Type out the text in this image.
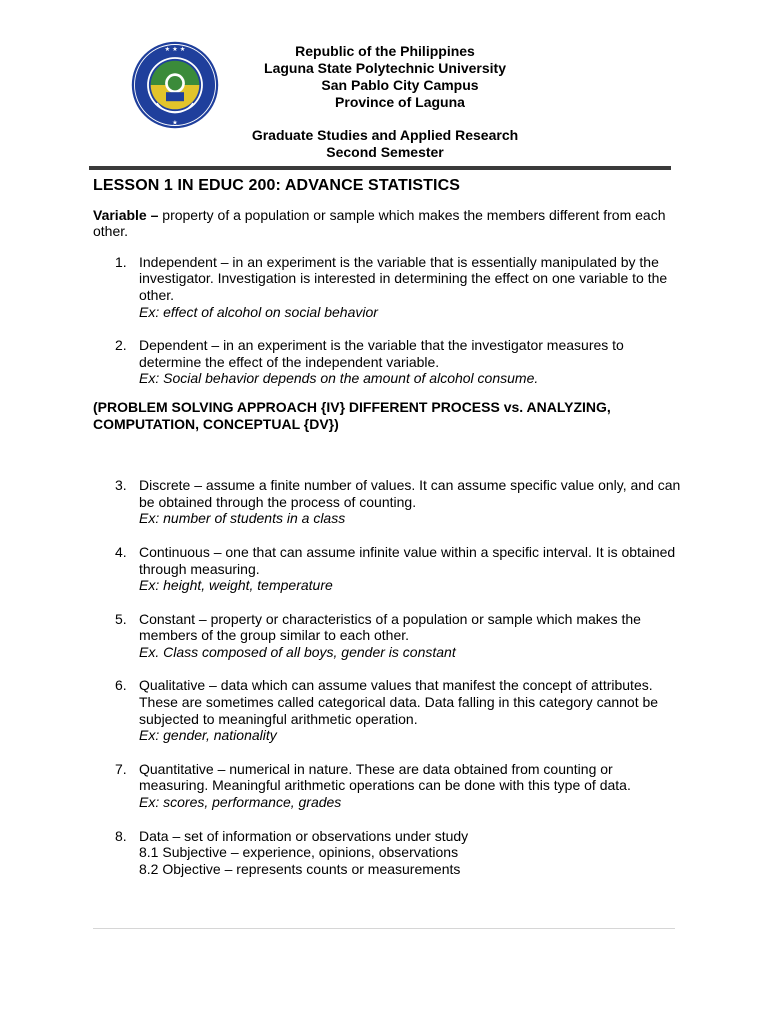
★ ★ ★
★
Republic of the Philippines
Laguna State Polytechnic University
San Pablo City Campus
Province of Laguna
Graduate Studies and Applied Research
Second Semester
LESSON 1 IN EDUC 200: ADVANCE STATISTICS
Variable – property of a population or sample which makes the members different from each other.
1. Independent – in an experiment is the variable that is essentially manipulated by the investigator. Investigation is interested in determining the effect on one variable to the other.
Ex: effect of alcohol on social behavior
2. Dependent – in an experiment is the variable that the investigator measures to determine the effect of the independent variable.
Ex: Social behavior depends on the amount of alcohol consume.
(PROBLEM SOLVING APPROACH {IV} DIFFERENT PROCESS vs. ANALYZING, COMPUTATION, CONCEPTUAL {DV})
3. Discrete – assume a finite number of values. It can assume specific value only, and can be obtained through the process of counting.
Ex: number of students in a class
4. Continuous – one that can assume infinite value within a specific interval. It is obtained through measuring.
Ex: height, weight, temperature
5. Constant – property or characteristics of a population or sample which makes the members of the group similar to each other.
Ex. Class composed of all boys, gender is constant
6. Qualitative – data which can assume values that manifest the concept of attributes. These are sometimes called categorical data. Data falling in this category cannot be subjected to meaningful arithmetic operation.
Ex: gender, nationality
7. Quantitative – numerical in nature. These are data obtained from counting or measuring. Meaningful arithmetic operations can be done with this type of data.
Ex: scores, performance, grades
8. Data – set of information or observations under study
8.1 Subjective – experience, opinions, observations
8.2 Objective – represents counts or measurements
